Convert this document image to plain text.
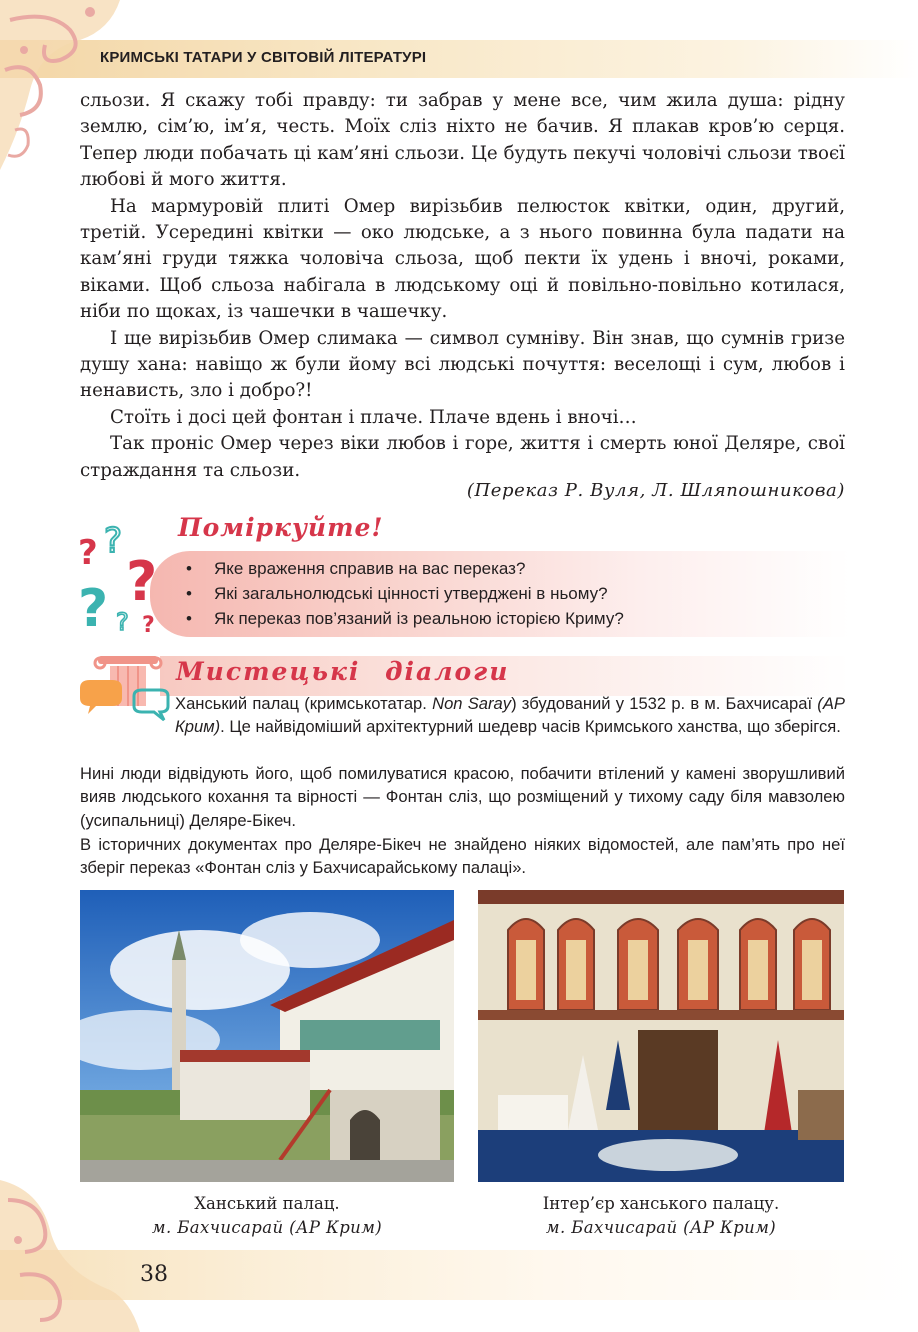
КРИМСЬКІ ТАТАРИ У СВІТОВІЙ ЛІТЕРАТУРІ

сльози. Я скажу тобі правду: ти забрав у мене все, чим жила душа: рідну землю, сім’ю, ім’я, честь. Моїх сліз ніхто не бачив. Я плакав кров’ю серця. Тепер люди побачать ці кам’яні сльози. Це будуть пекучі чоловічі сльози твоєї любові й мого життя.

На мармуровій плиті Омер вирізьбив пелюсток квітки, один, другий, третій. Усередині квітки — око людське, а з нього повинна була падати на кам’яні груди тяжка чоловіча сльоза, щоб пекти їх удень і вночі, роками, віками. Щоб сльоза набігала в людському оці й повільно-повільно котилася, ніби по щоках, із чашечки в чашечку.

І ще вирізьбив Омер слимака — символ сумніву. Він знав, що сумнів гризе душу хана: навіщо ж були йому всі людські почуття: веселощі і сум, любов і ненависть, зло і добро?!

Стоїть і досі цей фонтан і плаче. Плаче вдень і вночі…

Так проніс Омер через віки любов і горе, життя і смерть юної Деляре, свої страждання та сльози.

(Переказ Р. Вуля, Л. Шляпошникова)
? ?
?
? ? ?
Поміркуйте!
• Яке враження справив на вас переказ?
• Які загальнолюдські цінності утверджені в ньому?
• Як переказ пов’язаний із реальною історією Криму?
Мистецькі діалоги

Ханський палац (кримськотатар. Non Saray) збудований у 1532 р. в м. Бахчисараї (АР Крим). Це найвідоміший архітектурний шедевр часів Кримського ханства, що зберігся.

Нині люди відвідують його, щоб помилуватися красою, побачити втілений у камені зворушливий вияв людського кохання та вірності — Фонтан сліз, що розміщений у тихому саду біля мавзолею (усипальниці) Деляре-Бікеч.

В історичних документах про Деляре-Бікеч не знайдено ніяких відомостей, але пам’ять про неї зберіг переказ «Фонтан сліз у Бахчисарайському палаці».

Ханський палац.
м. Бахчисарай (АР Крим)
Інтер’єр ханського палацу.
м. Бахчисарай (АР Крим)
38
